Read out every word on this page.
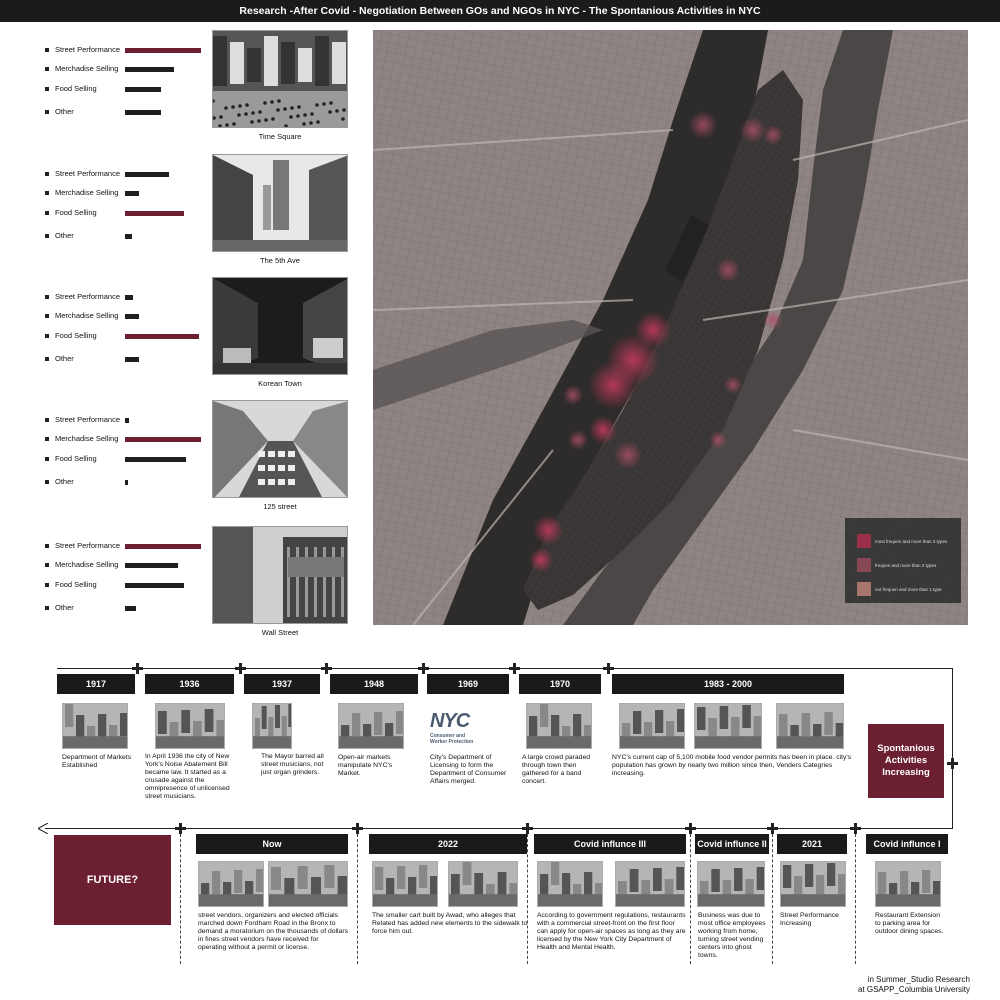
Research -After Covid - Negotiation Between GOs and NGOs in NYC - The Spontanious Activities in NYC
Street Performance
Merchadise Selling
Food Selling
Other
Time Square
Street Performance
Merchadise Selling
Food Selling
Other
The 5th Ave
Street Performance
Merchadise Selling
Food Selling
Other
Korean Town
Street Performance
Merchadise Selling
Food Selling
Other
125 street
Street Performance
Merchadise Selling
Food Selling
Other
Wall Street
most frequen and more than 3 types
frequen and more than 2 types
not frequen and more than 1 type
1917
Department of Markets Established
1936
In April 1936 the city of New York's Noise Abatement Bill became law. It started as a crusade against the omnipresence of unlicensed street musicians.
1937
The Mayor barred all street musicians, not just organ grinders.
1948
Open-air markets manipulate NYC's Market.
1969
City's Department of Licensing to form the Department of Consumer Affairs merged.
1970
A large crowd paraded through town then gathered for a band concert.
1983 - 2000
NYC's current cap of 5,100 mobile food vendor permits has been in place. city's population has grown by nearly two million since then, Venders Categries increasing.
Now
street vendors, organizers and elected officials marched down Fordham Road in the Bronx to demand a moratorium on the thousands of dollars in fines street vendors have received for operating without a permit or license.
2022
The smaller cart built by Awad, who alleges that Related has added new elements to the sidewalk to force him out.
Covid influnce III
According to government regulations, restaurants with a commercial street-front on the first floor can apply for open-air spaces as long as they are licensed by the New York City Department of Health and Mental Health.
Covid influnce II
Business was due to most office employees working from home, turning street vending centers into ghost towns.
2021
Street Performance Increasing
Covid influnce I
Restaurant Extension to parking area for outdoor dining spaces.
NYC
Consumer and
Worker Protection
Spontanious Activities Increasing
FUTURE?
in Summer_Studio Research
at GSAPP_Columbia University
